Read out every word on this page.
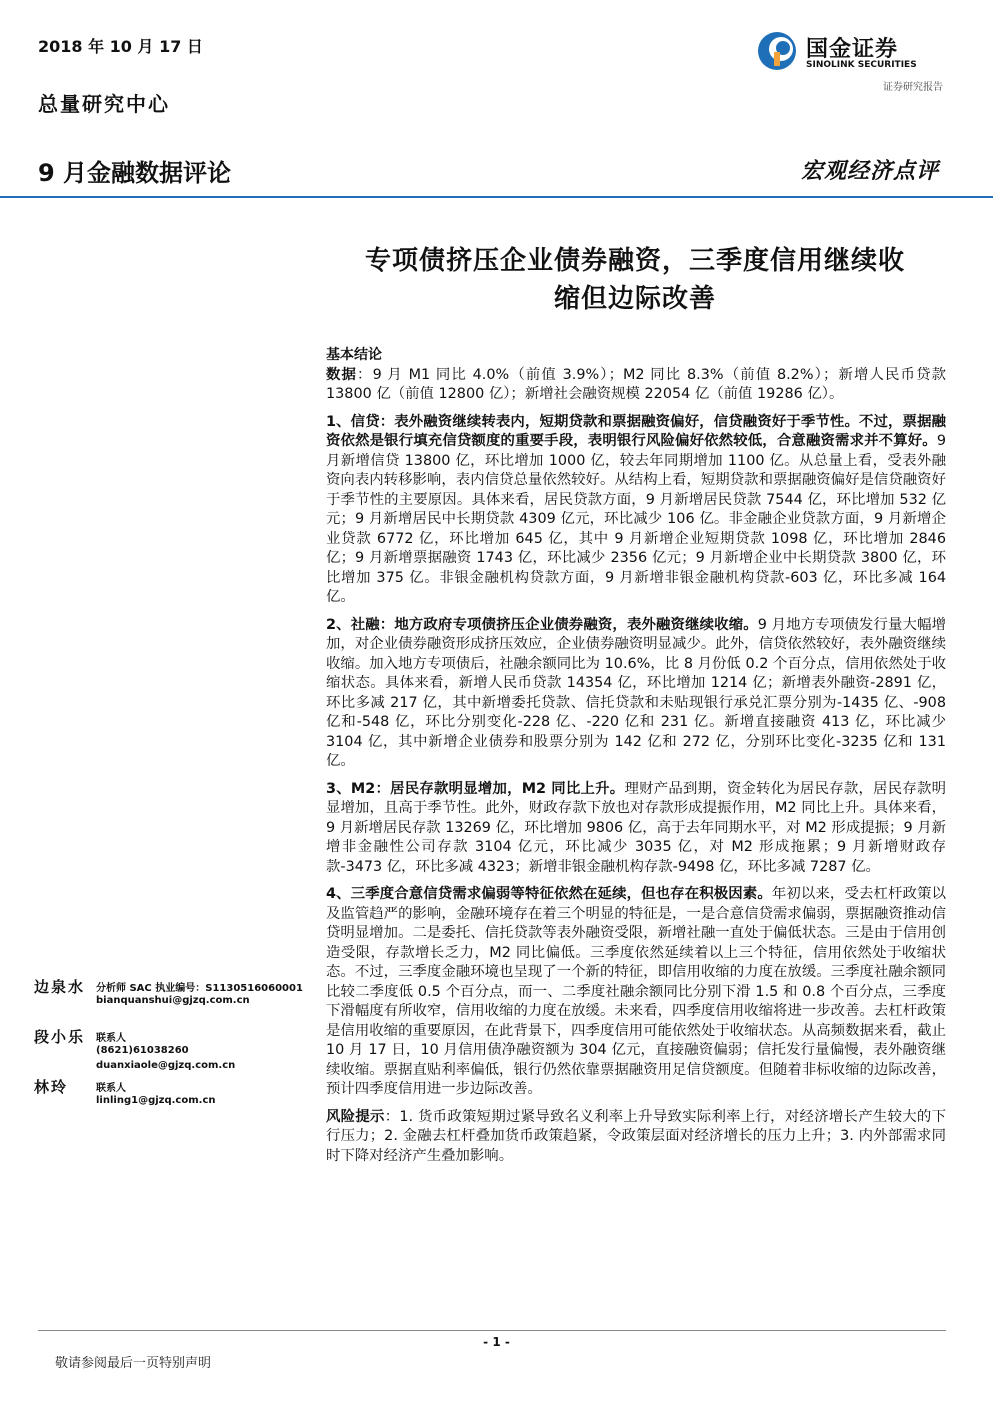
2018 年 10 月 17 日
总量研究中心
国金证券
SINOLINK SECURITIES
证券研究报告
9 月金融数据评论	宏观经济点评
专项债挤压企业债券融资，三季度信用继续收
缩但边际改善
基本结论

数据：9 月 M1 同比 4.0%（前值 3.9%）；M2 同比 8.3%（前值 8.2%）；新增人民币贷款 13800 亿（前值 12800 亿）；新增社会融资规模 22054 亿（前值 19286 亿）。

1、信贷：表外融资继续转表内，短期贷款和票据融资偏好，信贷融资好于季节性。不过，票据融资依然是银行填充信贷额度的重要手段，表明银行风险偏好依然较低，合意融资需求并不算好。9 月新增信贷 13800 亿，环比增加 1000 亿，较去年同期增加 1100 亿。从总量上看，受表外融资向表内转移影响，表内信贷总量依然较好。从结构上看，短期贷款和票据融资偏好是信贷融资好于季节性的主要原因。具体来看，居民贷款方面，9 月新增居民贷款 7544 亿，环比增加 532 亿元；9 月新增居民中长期贷款 4309 亿元，环比减少 106 亿。非金融企业贷款方面，9 月新增企业贷款 6772 亿，环比增加 645 亿，其中 9 月新增企业短期贷款 1098 亿，环比增加 2846 亿；9 月新增票据融资 1743 亿，环比减少 2356 亿元；9 月新增企业中长期贷款 3800 亿，环比增加 375 亿。非银金融机构贷款方面，9 月新增非银金融机构贷款-603 亿，环比多减 164 亿。

2、社融：地方政府专项债挤压企业债券融资，表外融资继续收缩。9 月地方专项债发行量大幅增加，对企业债券融资形成挤压效应，企业债券融资明显减少。此外，信贷依然较好，表外融资继续收缩。加入地方专项债后，社融余额同比为 10.6%，比 8 月份低 0.2 个百分点，信用依然处于收缩状态。具体来看，新增人民币贷款 14354 亿，环比增加 1214 亿；新增表外融资-2891 亿，环比多减 217 亿，其中新增委托贷款、信托贷款和未贴现银行承兑汇票分别为-1435 亿、-908 亿和-548 亿，环比分别变化-228 亿、-220 亿和 231 亿。新增直接融资 413 亿，环比减少 3104 亿，其中新增企业债券和股票分别为 142 亿和 272 亿，分别环比变化-3235 亿和 131 亿。

3、M2：居民存款明显增加，M2 同比上升。理财产品到期，资金转化为居民存款，居民存款明显增加，且高于季节性。此外，财政存款下放也对存款形成提振作用，M2 同比上升。具体来看，9 月新增居民存款 13269 亿，环比增加 9806 亿，高于去年同期水平，对 M2 形成提振；9 月新增非金融性公司存款 3104 亿元，环比减少 3035 亿，对 M2 形成拖累；9 月新增财政存款-3473 亿，环比多减 4323；新增非银金融机构存款-9498 亿，环比多减 7287 亿。

4、三季度合意信贷需求偏弱等特征依然在延续，但也存在积极因素。年初以来，受去杠杆政策以及监管趋严的影响，金融环境存在着三个明显的特征是，一是合意信贷需求偏弱，票据融资推动信贷明显增加。二是委托、信托贷款等表外融资受限，新增社融一直处于偏低状态。三是由于信用创造受限，存款增长乏力，M2 同比偏低。三季度依然延续着以上三个特征，信用依然处于收缩状态。不过，三季度金融环境也呈现了一个新的特征，即信用收缩的力度在放缓。三季度社融余额同比较二季度低 0.5 个百分点，而一、二季度社融余额同比分别下滑 1.5 和 0.8 个百分点，三季度下滑幅度有所收窄，信用收缩的力度在放缓。未来看，四季度信用收缩将进一步改善。去杠杆政策是信用收缩的重要原因，在此背景下，四季度信用可能依然处于收缩状态。从高频数据来看，截止 10 月 17 日，10 月信用债净融资额为 304 亿元，直接融资偏弱；信托发行量偏慢，表外融资继续收缩。票据直贴利率偏低，银行仍然依靠票据融资用足信贷额度。但随着非标收缩的边际改善，预计四季度信用进一步边际改善。

风险提示：1. 货币政策短期过紧导致名义利率上升导致实际利率上行，对经济增长产生较大的下行压力；2. 金融去杠杆叠加货币政策趋紧，令政策层面对经济增长的压力上升；3. 内外部需求同时下降对经济产生叠加影响。

边泉水 分析师 SAC 执业编号：S1130516060001
bianquanshui@gjzq.com.cn
段小乐 联系人
(8621)61038260
duanxiaole@gjzq.com.cn
林玲	联系人
linling1@gjzq.com.cn
- 1 -
敬请参阅最后一页特别声明
